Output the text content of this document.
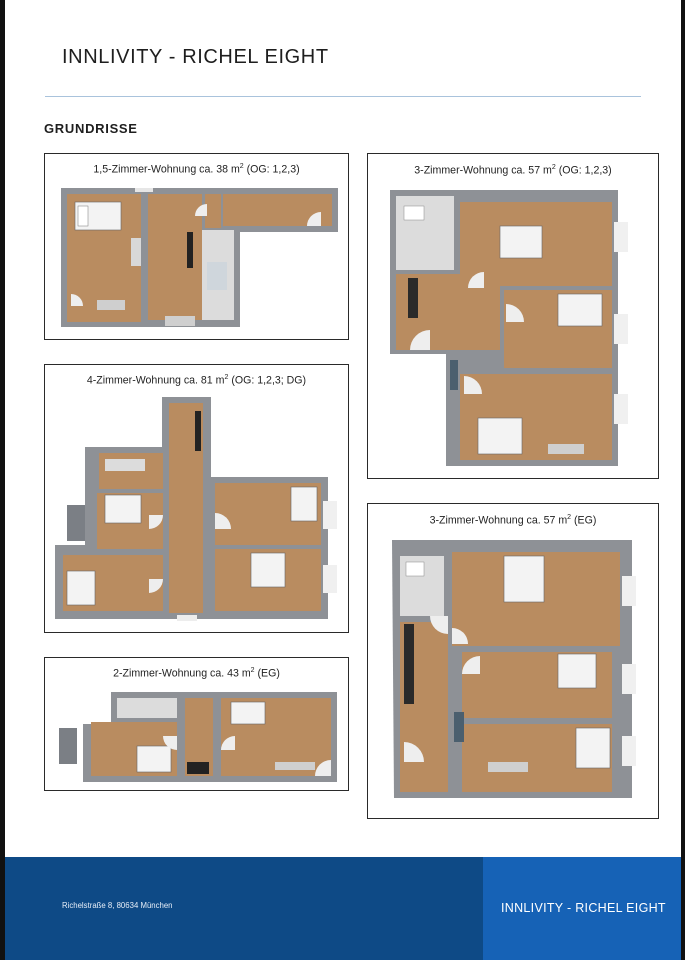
INNLIVITY - RICHEL EIGHT
GRUNDRISSE
1,5-Zimmer-Wohnung ca. 38 $m^2$ (OG: 1,2,3)	3-Zimmer-Wohnung ca. 57 $m^2$ (OG: 1,2,3)
4-Zimmer-Wohnung ca. 81 $m^2$ (OG: 1,2,3; DG)
3-Zimmer-Wohnung ca. 57 $m^2$ (EG)
2-Zimmer-Wohnung ca. 43 $m^2$ (EG)
Richelstraße 8, 80634 München	INNLIVITY - RICHEL EIGHT
